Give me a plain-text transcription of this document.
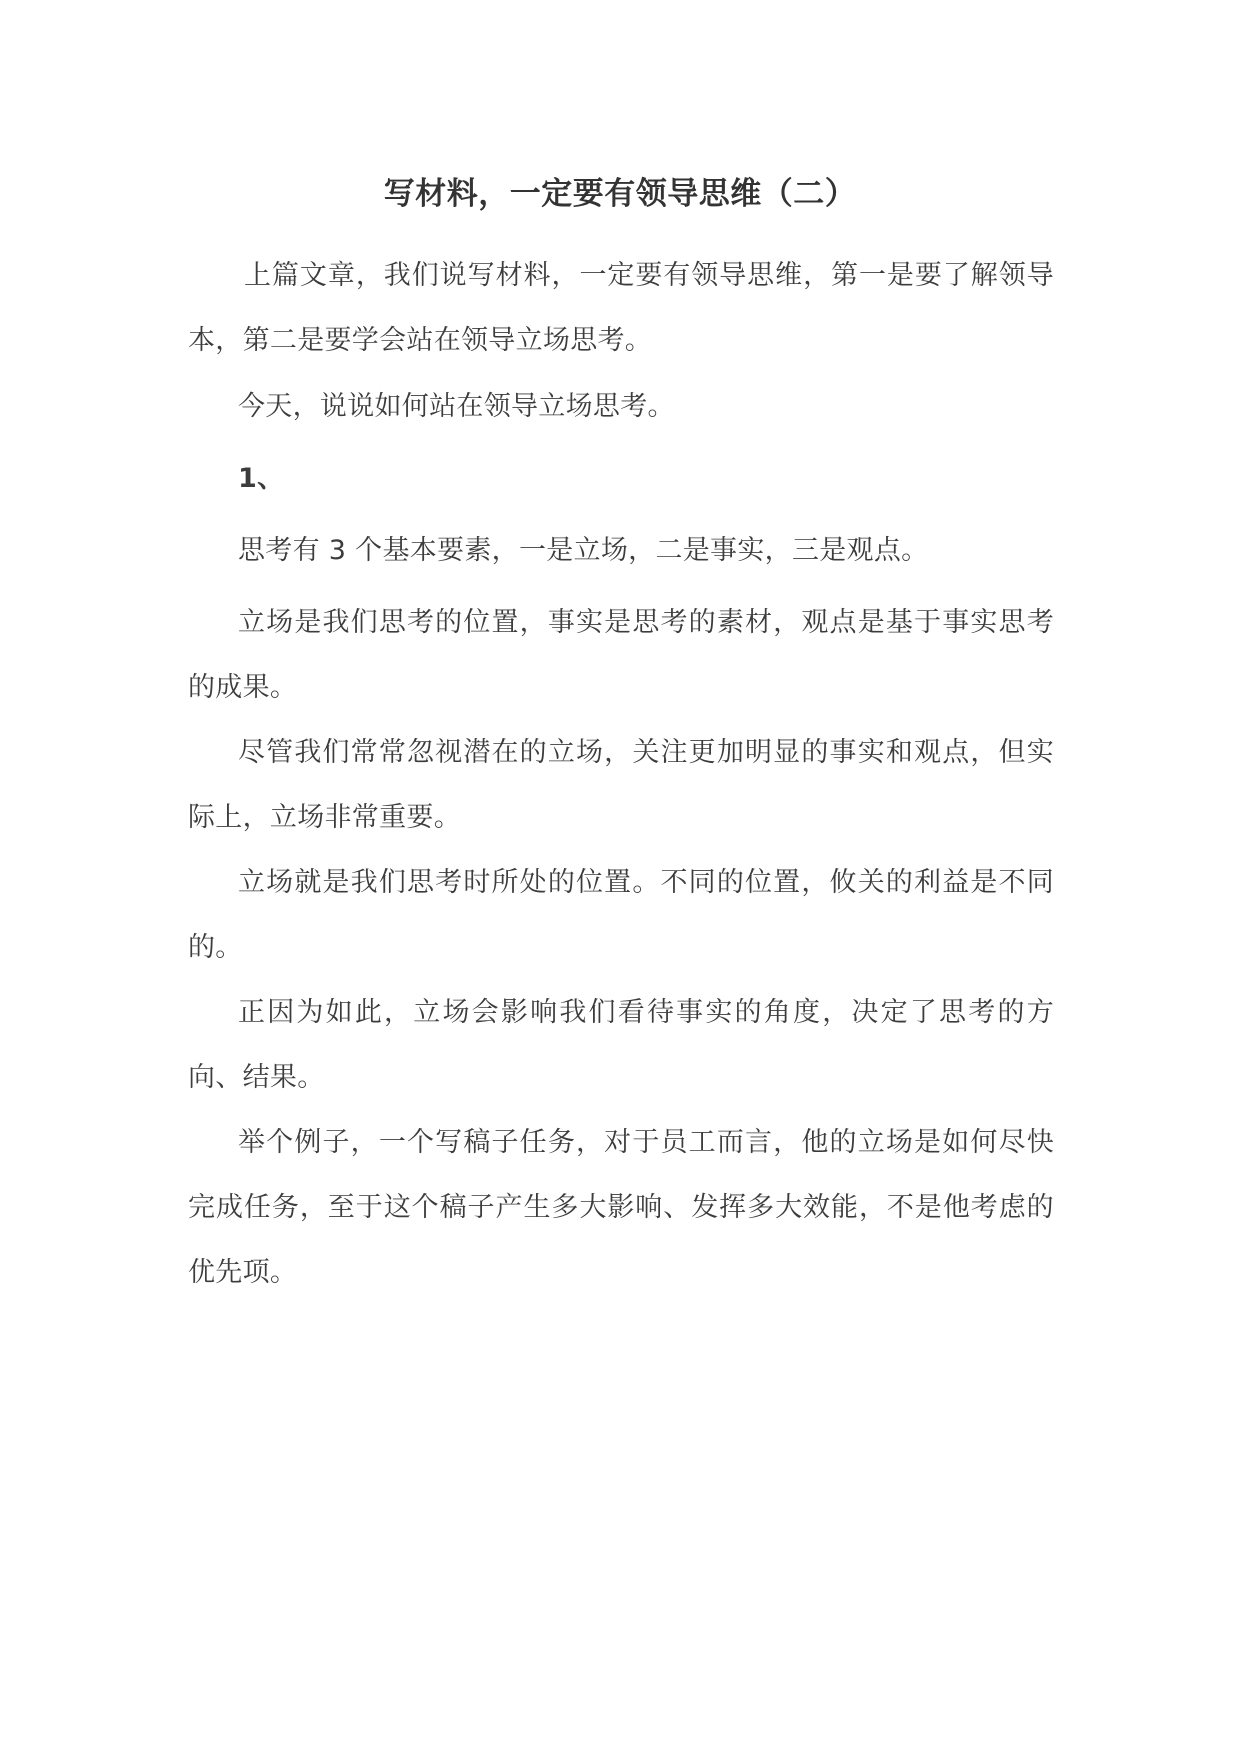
写材料，一定要有领导思维（二）

上篇文章，我们说写材料，一定要有领导思维，第一是要了解领导本，第二是要学会站在领导立场思考。

今天，说说如何站在领导立场思考。

1、

思考有 3 个基本要素，一是立场，二是事实，三是观点。

立场是我们思考的位置，事实是思考的素材，观点是基于事实思考的成果。

尽管我们常常忽视潜在的立场，关注更加明显的事实和观点，但实际上，立场非常重要。

立场就是我们思考时所处的位置。不同的位置，攸关的利益是不同的。

正因为如此，立场会影响我们看待事实的角度，决定了思考的方向、结果。

举个例子，一个写稿子任务，对于员工而言，他的立场是如何尽快完成任务，至于这个稿子产生多大影响、发挥多大效能，不是他考虑的优先项。
